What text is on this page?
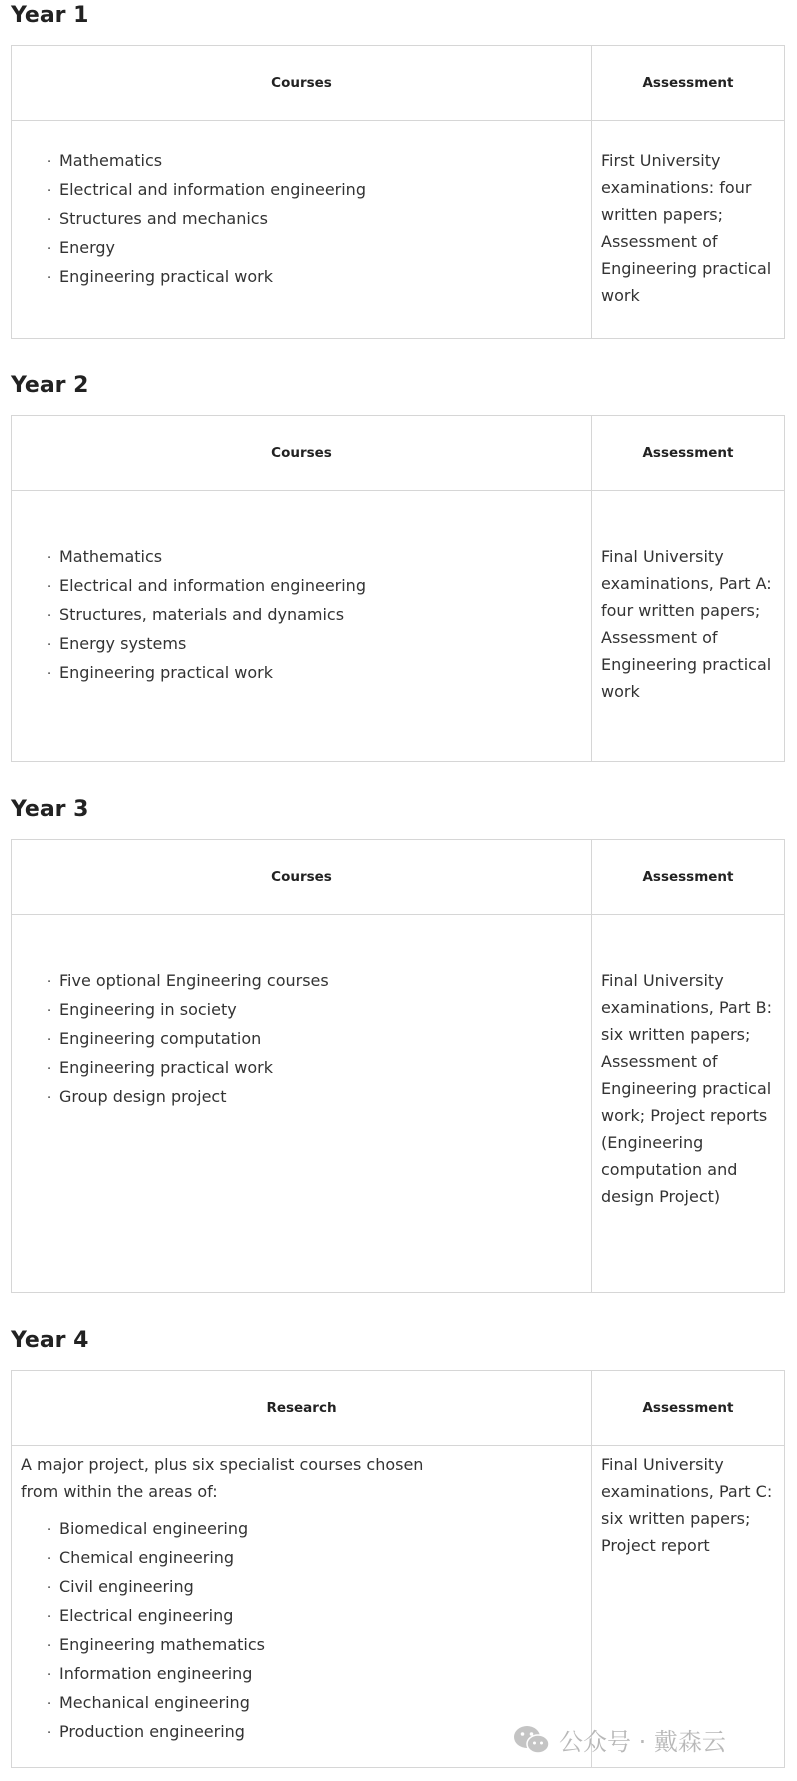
Year 1
Courses	Assessment
· Mathematics
· Electrical and information engineering
· Structures and mechanics
· Energy
· Engineering practical work

First University examinations: four written papers; Assessment of Engineering practical work

Year 2
Courses	Assessment
· Mathematics
· Electrical and information engineering
· Structures, materials and dynamics
· Energy systems
· Engineering practical work

Final University examinations, Part A: four written papers; Assessment of Engineering practical work

Year 3
Courses	Assessment
· Five optional Engineering courses
· Engineering in society
· Engineering computation
· Engineering practical work
· Group design project

Final University examinations, Part B: six written papers; Assessment of Engineering practical work; Project reports (Engineering computation and design Project)

Year 4
Research	Assessment

A major project, plus six specialist courses chosen from within the areas of:

· Biomedical engineering
· Chemical engineering
· Civil engineering
· Electrical engineering
· Engineering mathematics
· Information engineering
· Mechanical engineering
· Production engineering

Final University examinations, Part C: six written papers; Project report

公众号 · 戴森云
